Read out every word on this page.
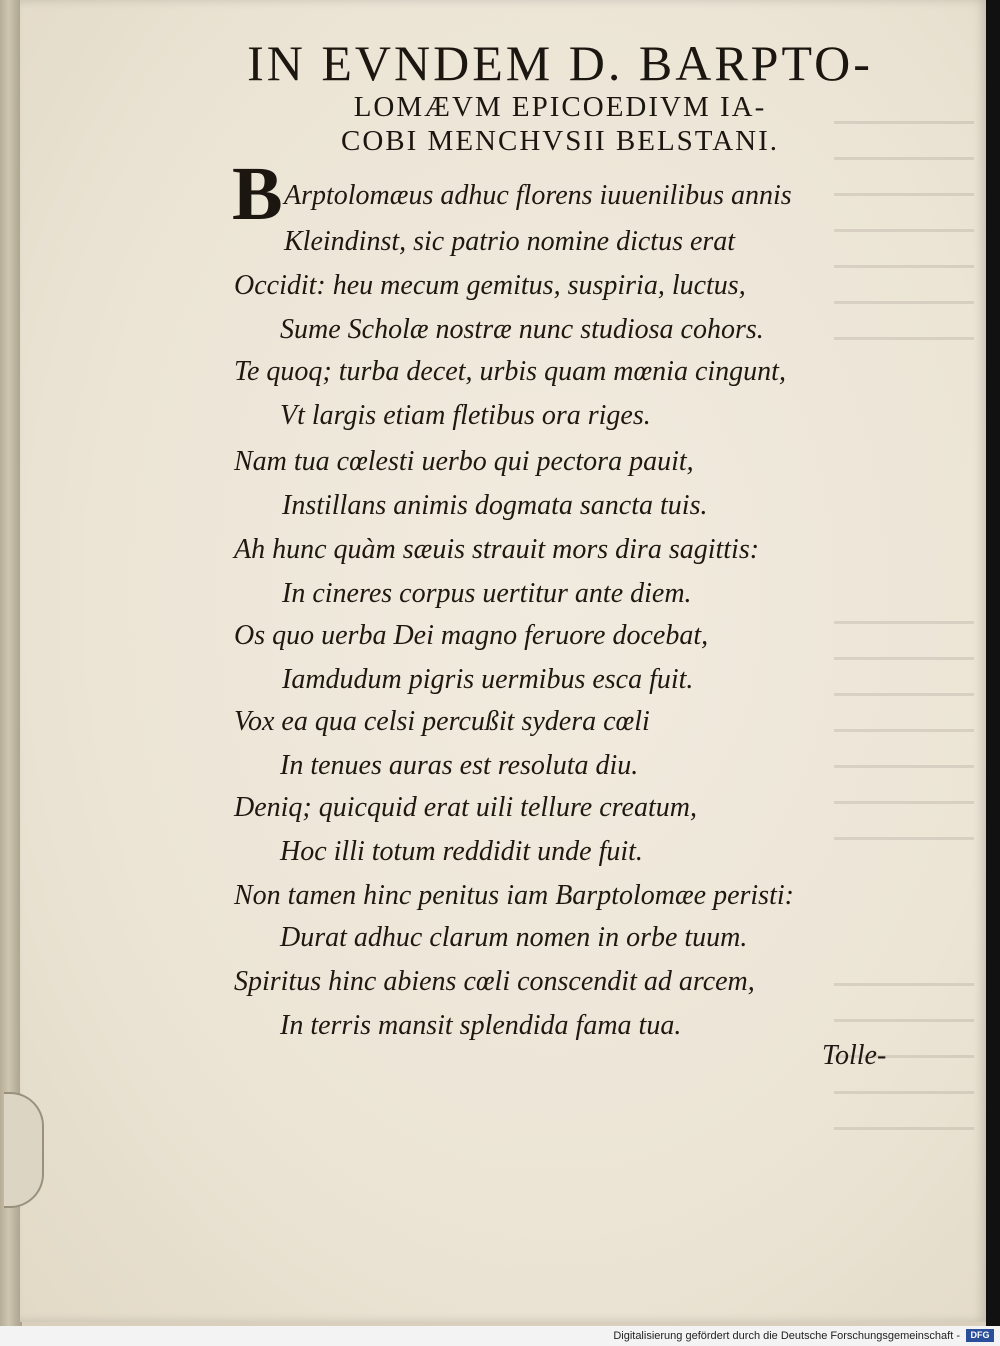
IN EVNDEM D. BARPTO-
LOMÆVM EPICOEDIVM IA-
COBI MENCHVSII BELSTANI.
B Arptolomæus adhuc florens iuuenilibus annis
Kleindinst, sic patrio nomine dictus erat
Occidit: heu mecum gemitus, suspiria, luctus,
Sume Scholæ nostræ nunc studiosa cohors.
Te quoq; turba decet, urbis quam mœnia cingunt,
Vt largis etiam fletibus ora riges.
Nam tua cœlesti uerbo qui pectora pauit,
Instillans animis dogmata sancta tuis.
Ah hunc quàm sæuis strauit mors dira sagittis:
In cineres corpus uertitur ante diem.
Os quo uerba Dei magno feruore docebat,
Iamdudum pigris uermibus esca fuit.
Vox ea qua celsi percußit sydera cœli
In tenues auras est resoluta diu.
Deniq; quicquid erat uili tellure creatum,
Hoc illi totum reddidit unde fuit.
Non tamen hinc penitus iam Barptolomæe peristi:
Durat adhuc clarum nomen in orbe tuum.
Spiritus hinc abiens cœli conscendit ad arcem,
In terris mansit splendida fama tua.
Tolle-
Digitalisierung gefördert durch die Deutsche Forschungsgemeinschaft -	DFG
